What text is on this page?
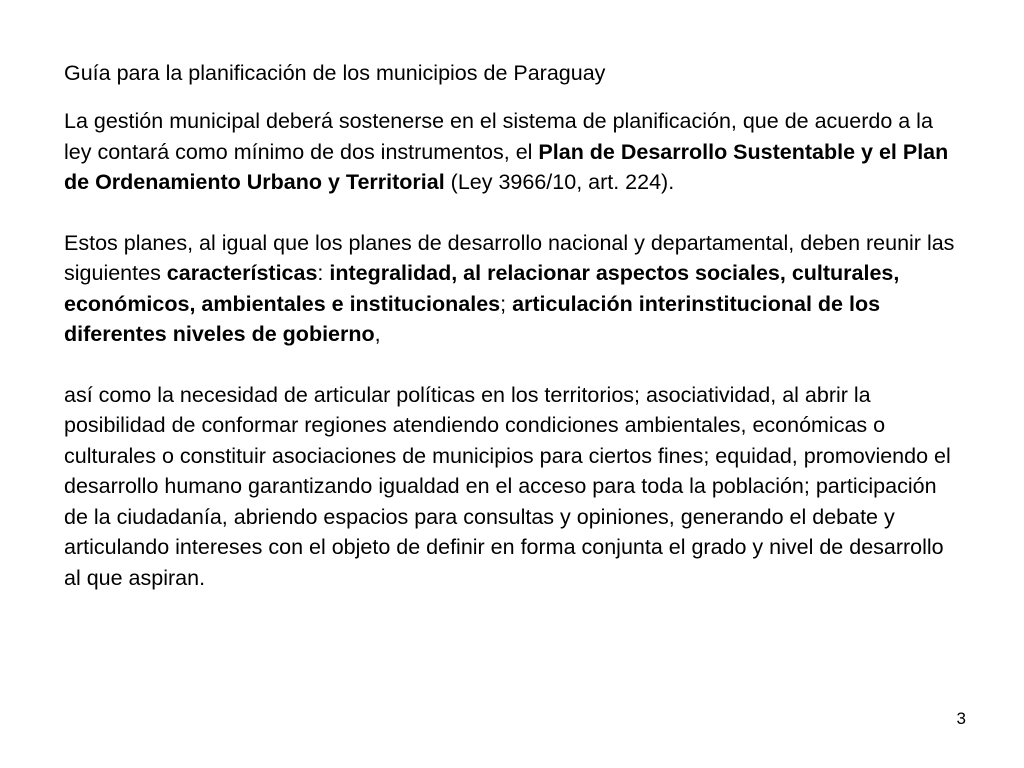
Guía para la planificación de los municipios de Paraguay

La gestión municipal deberá sostenerse en el sistema de planificación, que de acuerdo a la ley contará como mínimo de dos instrumentos, el Plan de Desarrollo Sustentable y el Plan de Ordenamiento Urbano y Territorial (Ley 3966/10, art. 224).

Estos planes, al igual que los planes de desarrollo nacional y departamental, deben reunir las siguientes características: integralidad, al relacionar aspectos sociales, culturales, económicos, ambientales e institucionales; articulación interinstitucional de los diferentes niveles de gobierno,

así como la necesidad de articular políticas en los territorios; asociatividad, al abrir la posibilidad de conformar regiones atendiendo condiciones ambientales, económicas o culturales o constituir asociaciones de municipios para ciertos fines; equidad, promoviendo el desarrollo humano garantizando igualdad en el acceso para toda la población; participación de la ciudadanía, abriendo espacios para consultas y opiniones, generando el debate y articulando intereses con el objeto de definir en forma conjunta el grado y nivel de desarrollo al que aspiran.

3
